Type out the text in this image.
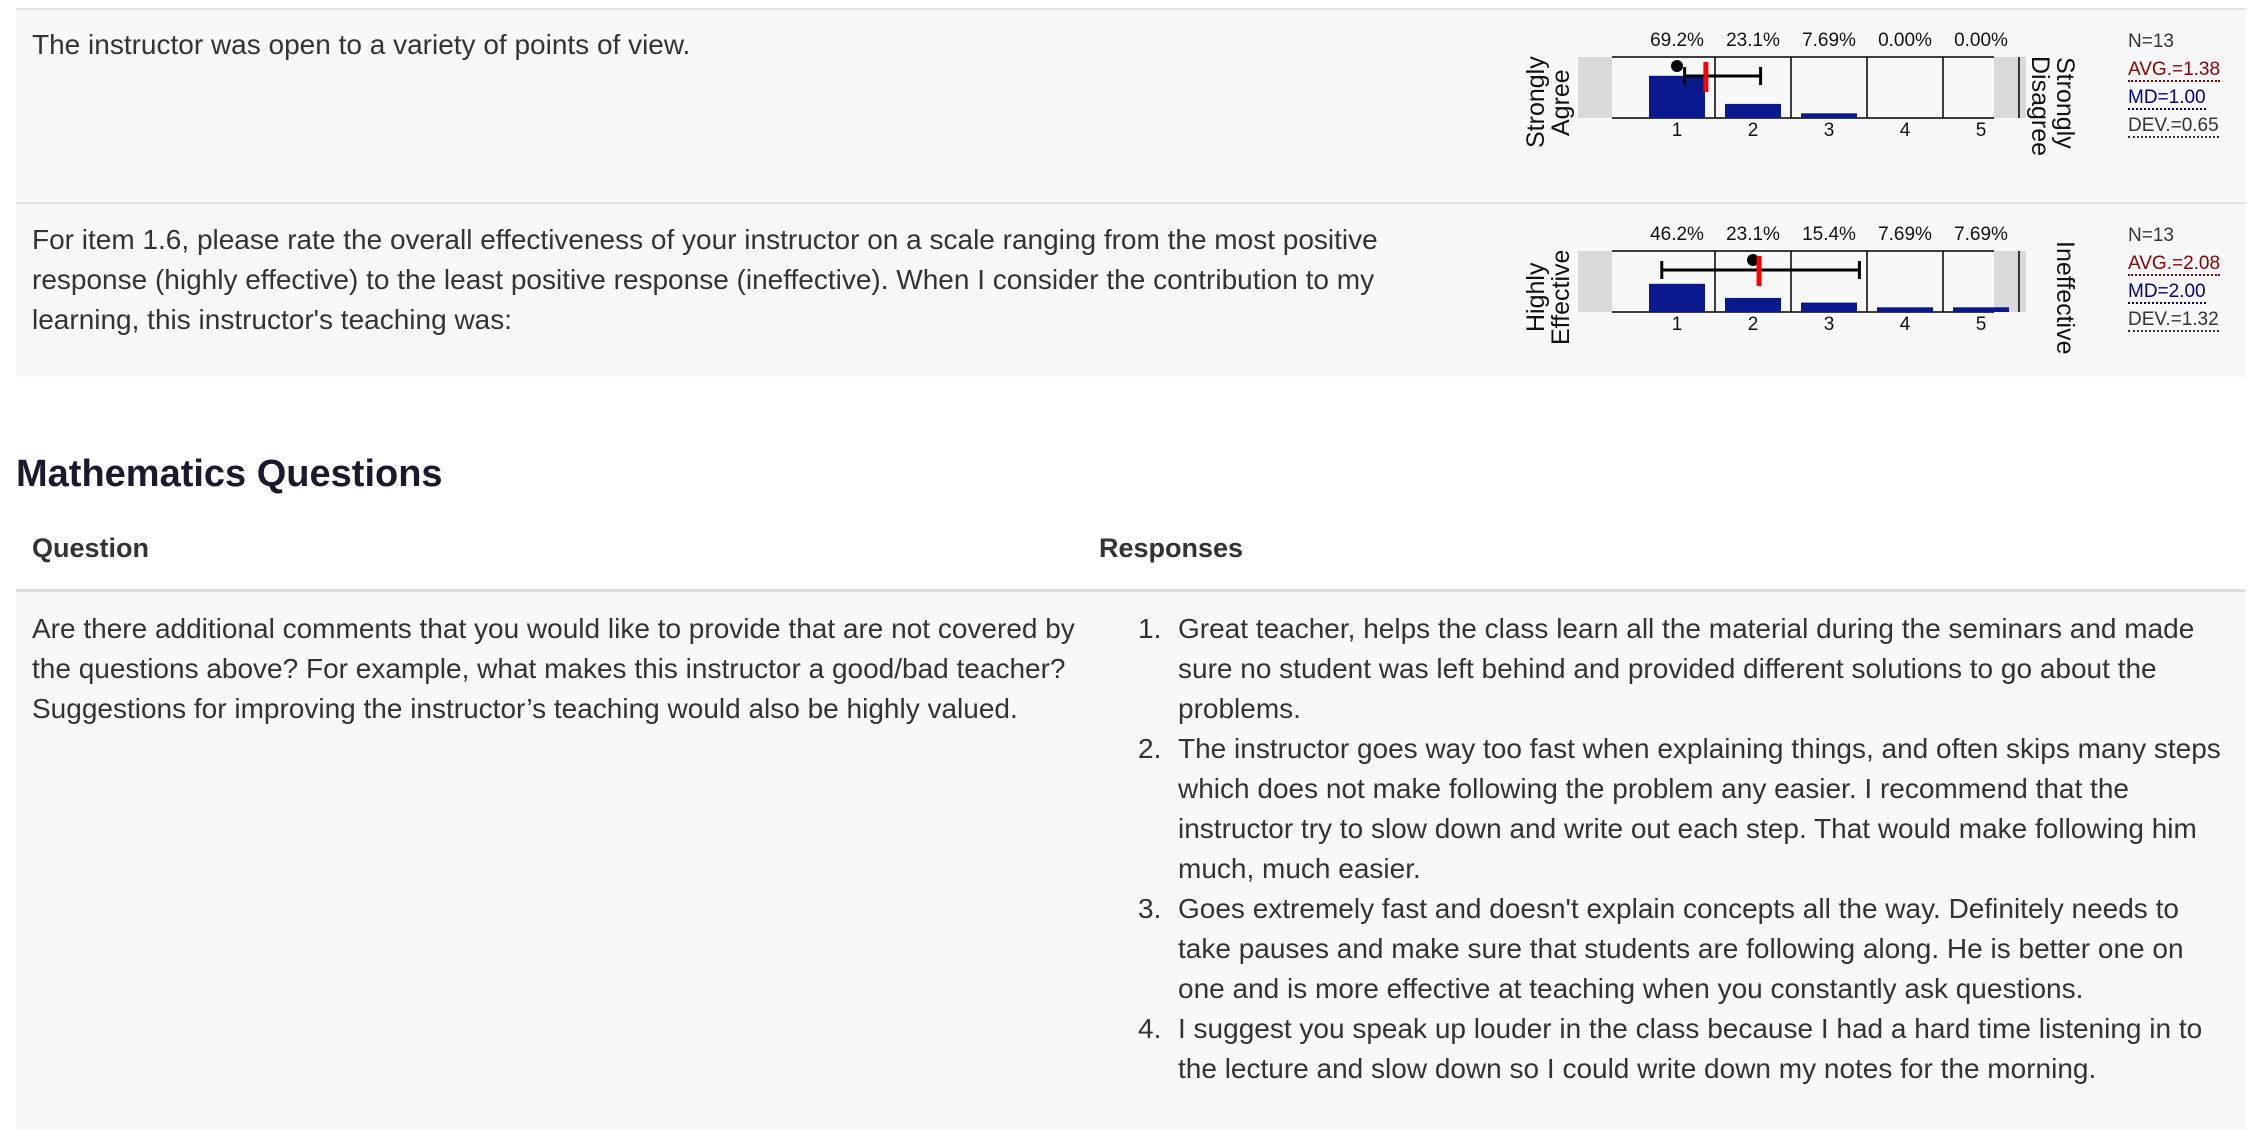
The instructor was open to a variety of points of view.
Strongly
Agree
69.2% 23.1% 7.69% 0.00% 0.00%
1	2	3	4	5	Strongly
Disagree
N=13
AVG.=1.38
MD=1.00
DEV.=0.65
For item 1.6, please rate the overall effectiveness of your instructor on a scale ranging from the most positive response (highly effective) to the least positive response (ineffective). When I consider the contribution to my learning, this instructor's teaching was:	Highly
Effective
46.2% 23.1% 15.4% 7.69% 7.69%
1	2	3	4	5	Ineffective
N=13
AVG.=2.08
MD=2.00
DEV.=1.32
Mathematics Questions
Question	Responses
Are there additional comments that you would like to provide that are not covered by the questions above? For example, what makes this instructor a good/bad teacher? Suggestions for improving the instructor’s teaching would also be highly valued.
1. Great teacher, helps the class learn all the material during the seminars and made sure no student was left behind and provided different solutions to go about the problems.
2. The instructor goes way too fast when explaining things, and often skips many steps which does not make following the problem any easier. I recommend that the instructor try to slow down and write out each step. That would make following him much, much easier.
3. Goes extremely fast and doesn't explain concepts all the way. Definitely needs to take pauses and make sure that students are following along. He is better one on one and is more effective at teaching when you constantly ask questions.
4. I suggest you speak up louder in the class because I had a hard time listening in to the lecture and slow down so I could write down my notes for the morning.
